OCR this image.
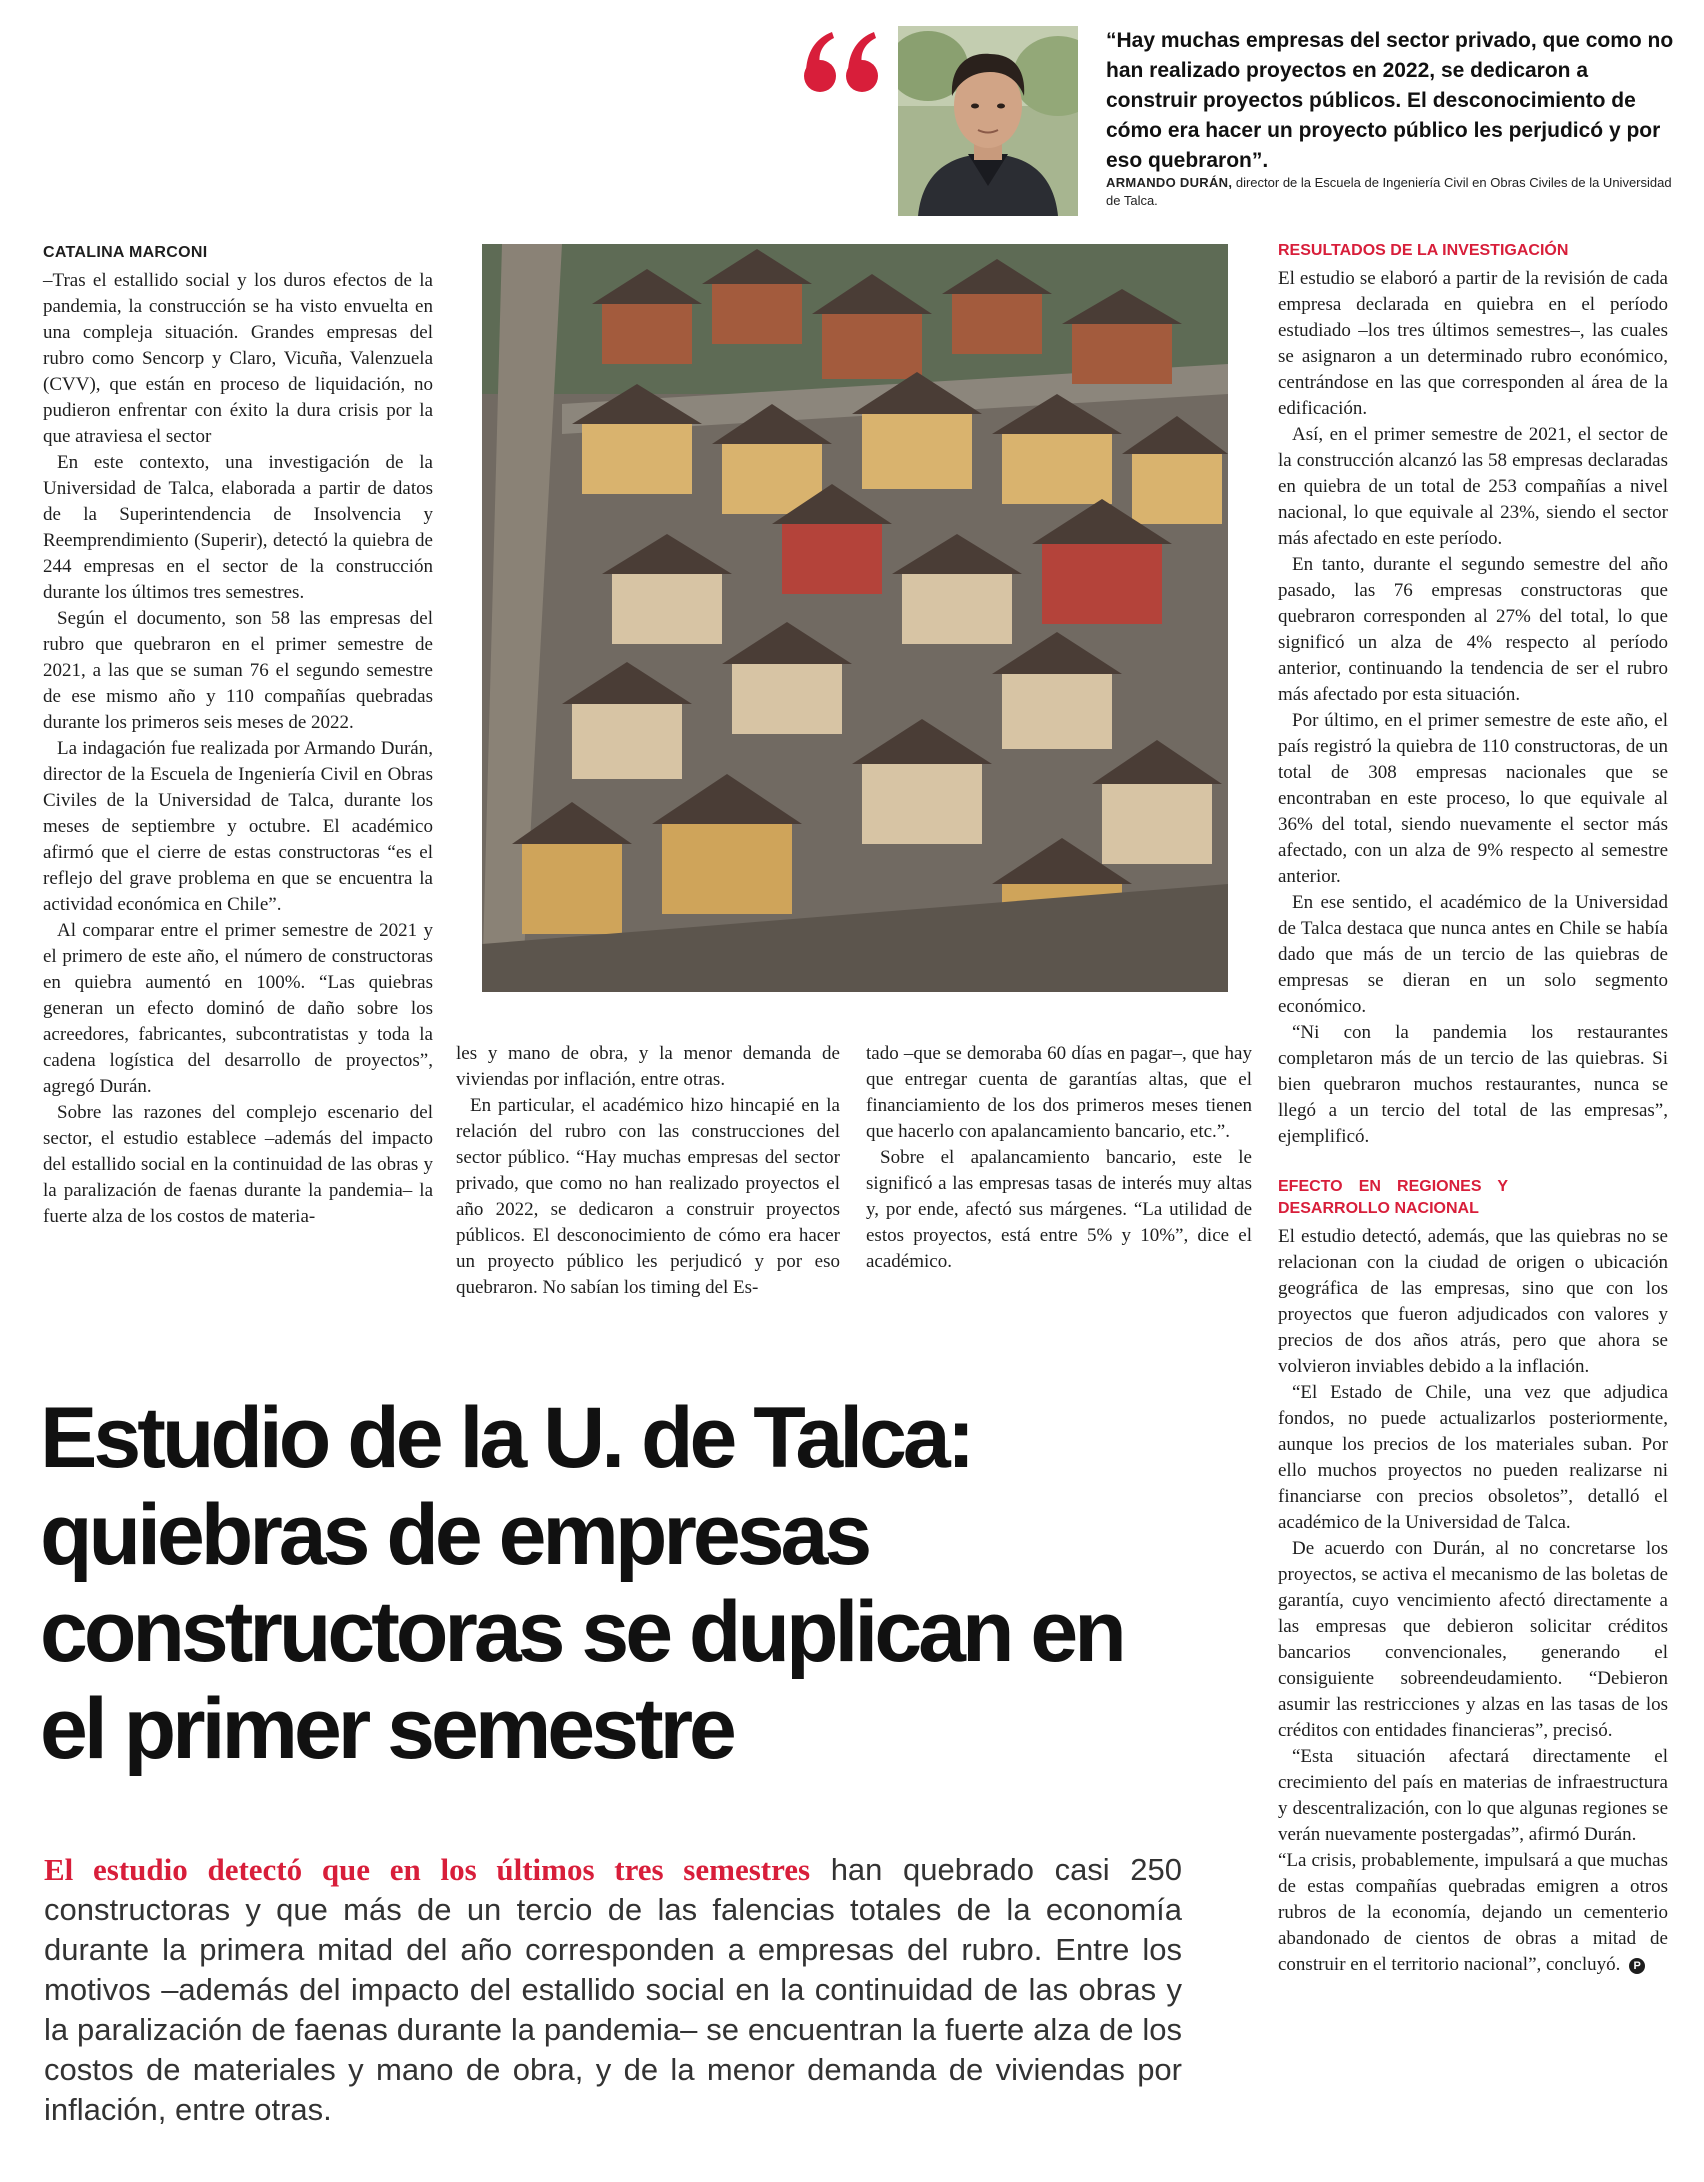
“Hay muchas empresas del sector privado, que como no han realizado proyectos en 2022, se dedicaron a construir proyectos públicos. El desconocimiento de cómo era hacer un proyecto público les perjudicó y por eso quebraron”.
ARMANDO DURÁN, director de la Escuela de Ingeniería Civil en Obras Civiles de la Universidad de Talca.
CATALINA MARCONI

–Tras el estallido social y los duros efectos de la pandemia, la construcción se ha visto envuelta en una compleja situación. Grandes empresas del rubro como Sencorp y Claro, Vicuña, Valenzuela (CVV), que están en proceso de liquidación, no pudieron enfrentar con éxito la dura crisis por la que atraviesa el sector

En este contexto, una investigación de la Universidad de Talca, elaborada a partir de datos de la Superintendencia de Insolvencia y Reemprendimiento (Superir), detectó la quiebra de 244 empresas en el sector de la construcción durante los últimos tres semestres.

Según el documento, son 58 las empresas del rubro que quebraron en el primer semestre de 2021, a las que se suman 76 el segundo semestre de ese mismo año y 110 compañías quebradas durante los primeros seis meses de 2022.

La indagación fue realizada por Armando Durán, director de la Escuela de Ingeniería Civil en Obras Civiles de la Universidad de Talca, durante los meses de septiembre y octubre. El académico afirmó que el cierre de estas constructoras “es el reflejo del grave problema en que se encuentra la actividad económica en Chile”.

Al comparar entre el primer semestre de 2021 y el primero de este año, el número de constructoras en quiebra aumentó en 100%. “Las quiebras generan un efecto dominó de daño sobre los acreedores, fabricantes, subcontratistas y toda la cadena logística del desarrollo de proyectos”, agregó Durán.

Sobre las razones del complejo escenario del sector, el estudio establece –además del impacto del estallido social en la continuidad de las obras y la paralización de faenas durante la pandemia– la fuerte alza de los costos de materia-

les y mano de obra, y la menor demanda de viviendas por inflación, entre otras.

En particular, el académico hizo hincapié en la relación del rubro con las construcciones del sector público. “Hay muchas empresas del sector privado, que como no han realizado proyectos el año 2022, se dedicaron a construir proyectos públicos. El desconocimiento de cómo era hacer un proyecto público les perjudicó y por eso quebraron. No sabían los timing del Es-

tado –que se demoraba 60 días en pagar–, que hay que entregar cuenta de garantías altas, que el financiamiento de los dos primeros meses tienen que hacerlo con apalancamiento bancario, etc.”.

Sobre el apalancamiento bancario, este le significó a las empresas tasas de interés muy altas y, por ende, afectó sus márgenes. “La utilidad de estos proyectos, está entre 5% y 10%”, dice el académico.

RESULTADOS DE LA INVESTIGACIÓN

El estudio se elaboró a partir de la revisión de cada empresa declarada en quiebra en el período estudiado –los tres últimos semestres–, las cuales se asignaron a un determinado rubro económico, centrándose en las que corresponden al área de la edificación.

Así, en el primer semestre de 2021, el sector de la construcción alcanzó las 58 empresas declaradas en quiebra de un total de 253 compañías a nivel nacional, lo que equivale al 23%, siendo el sector más afectado en este período.

En tanto, durante el segundo semestre del año pasado, las 76 empresas constructoras que quebraron corresponden al 27% del total, lo que significó un alza de 4% respecto al período anterior, continuando la tendencia de ser el rubro más afectado por esta situación.

Por último, en el primer semestre de este año, el país registró la quiebra de 110 constructoras, de un total de 308 empresas nacionales que se encontraban en este proceso, lo que equivale al 36% del total, siendo nuevamente el sector más afectado, con un alza de 9% respecto al semestre anterior.

En ese sentido, el académico de la Universidad de Talca destaca que nunca antes en Chile se había dado que más de un tercio de las quiebras de empresas se dieran en un solo segmento económico.

“Ni con la pandemia los restaurantes completaron más de un tercio de las quiebras. Si bien quebraron muchos restaurantes, nunca se llegó a un tercio del total de las empresas”, ejemplificó.

EFECTO EN REGIONES Y DESARROLLO NACIONAL

El estudio detectó, además, que las quiebras no se relacionan con la ciudad de origen o ubicación geográfica de las empresas, sino que con los proyectos que fueron adjudicados con valores y precios de dos años atrás, pero que ahora se volvieron inviables debido a la inflación.

“El Estado de Chile, una vez que adjudica fondos, no puede actualizarlos posteriormente, aunque los precios de los materiales suban. Por ello muchos proyectos no pueden realizarse ni financiarse con precios obsoletos”, detalló el académico de la Universidad de Talca.

De acuerdo con Durán, al no concretarse los proyectos, se activa el mecanismo de las boletas de garantía, cuyo vencimiento afectó directamente a las empresas que debieron solicitar créditos bancarios convencionales, generando el consiguiente sobreendeudamiento. “Debieron asumir las restricciones y alzas en las tasas de los créditos con entidades financieras”, precisó.

“Esta situación afectará directamente el crecimiento del país en materias de infraestructura y descentralización, con lo que algunas regiones se verán nuevamente postergadas”, afirmó Durán.

“La crisis, probablemente, impulsará a que muchas de estas compañías quebradas emigren a otros rubros de la economía, dejando un cementerio abandonado de cientos de obras a mitad de construir en el territorio nacional”, concluyó. P
Estudio de la U. de Talca:
quiebras de empresas
constructoras se duplican en
el primer semestre
El estudio detectó que en los últimos tres semestres han quebrado casi 250 constructoras y que más de un tercio de las falencias totales de la economía durante la primera mitad del año corresponden a empresas del rubro. Entre los motivos –además del impacto del estallido social en la continuidad de las obras y la paralización de faenas durante la pandemia– se encuentran la fuerte alza de los costos de materiales y mano de obra, y de la menor demanda de viviendas por inflación, entre otras.
